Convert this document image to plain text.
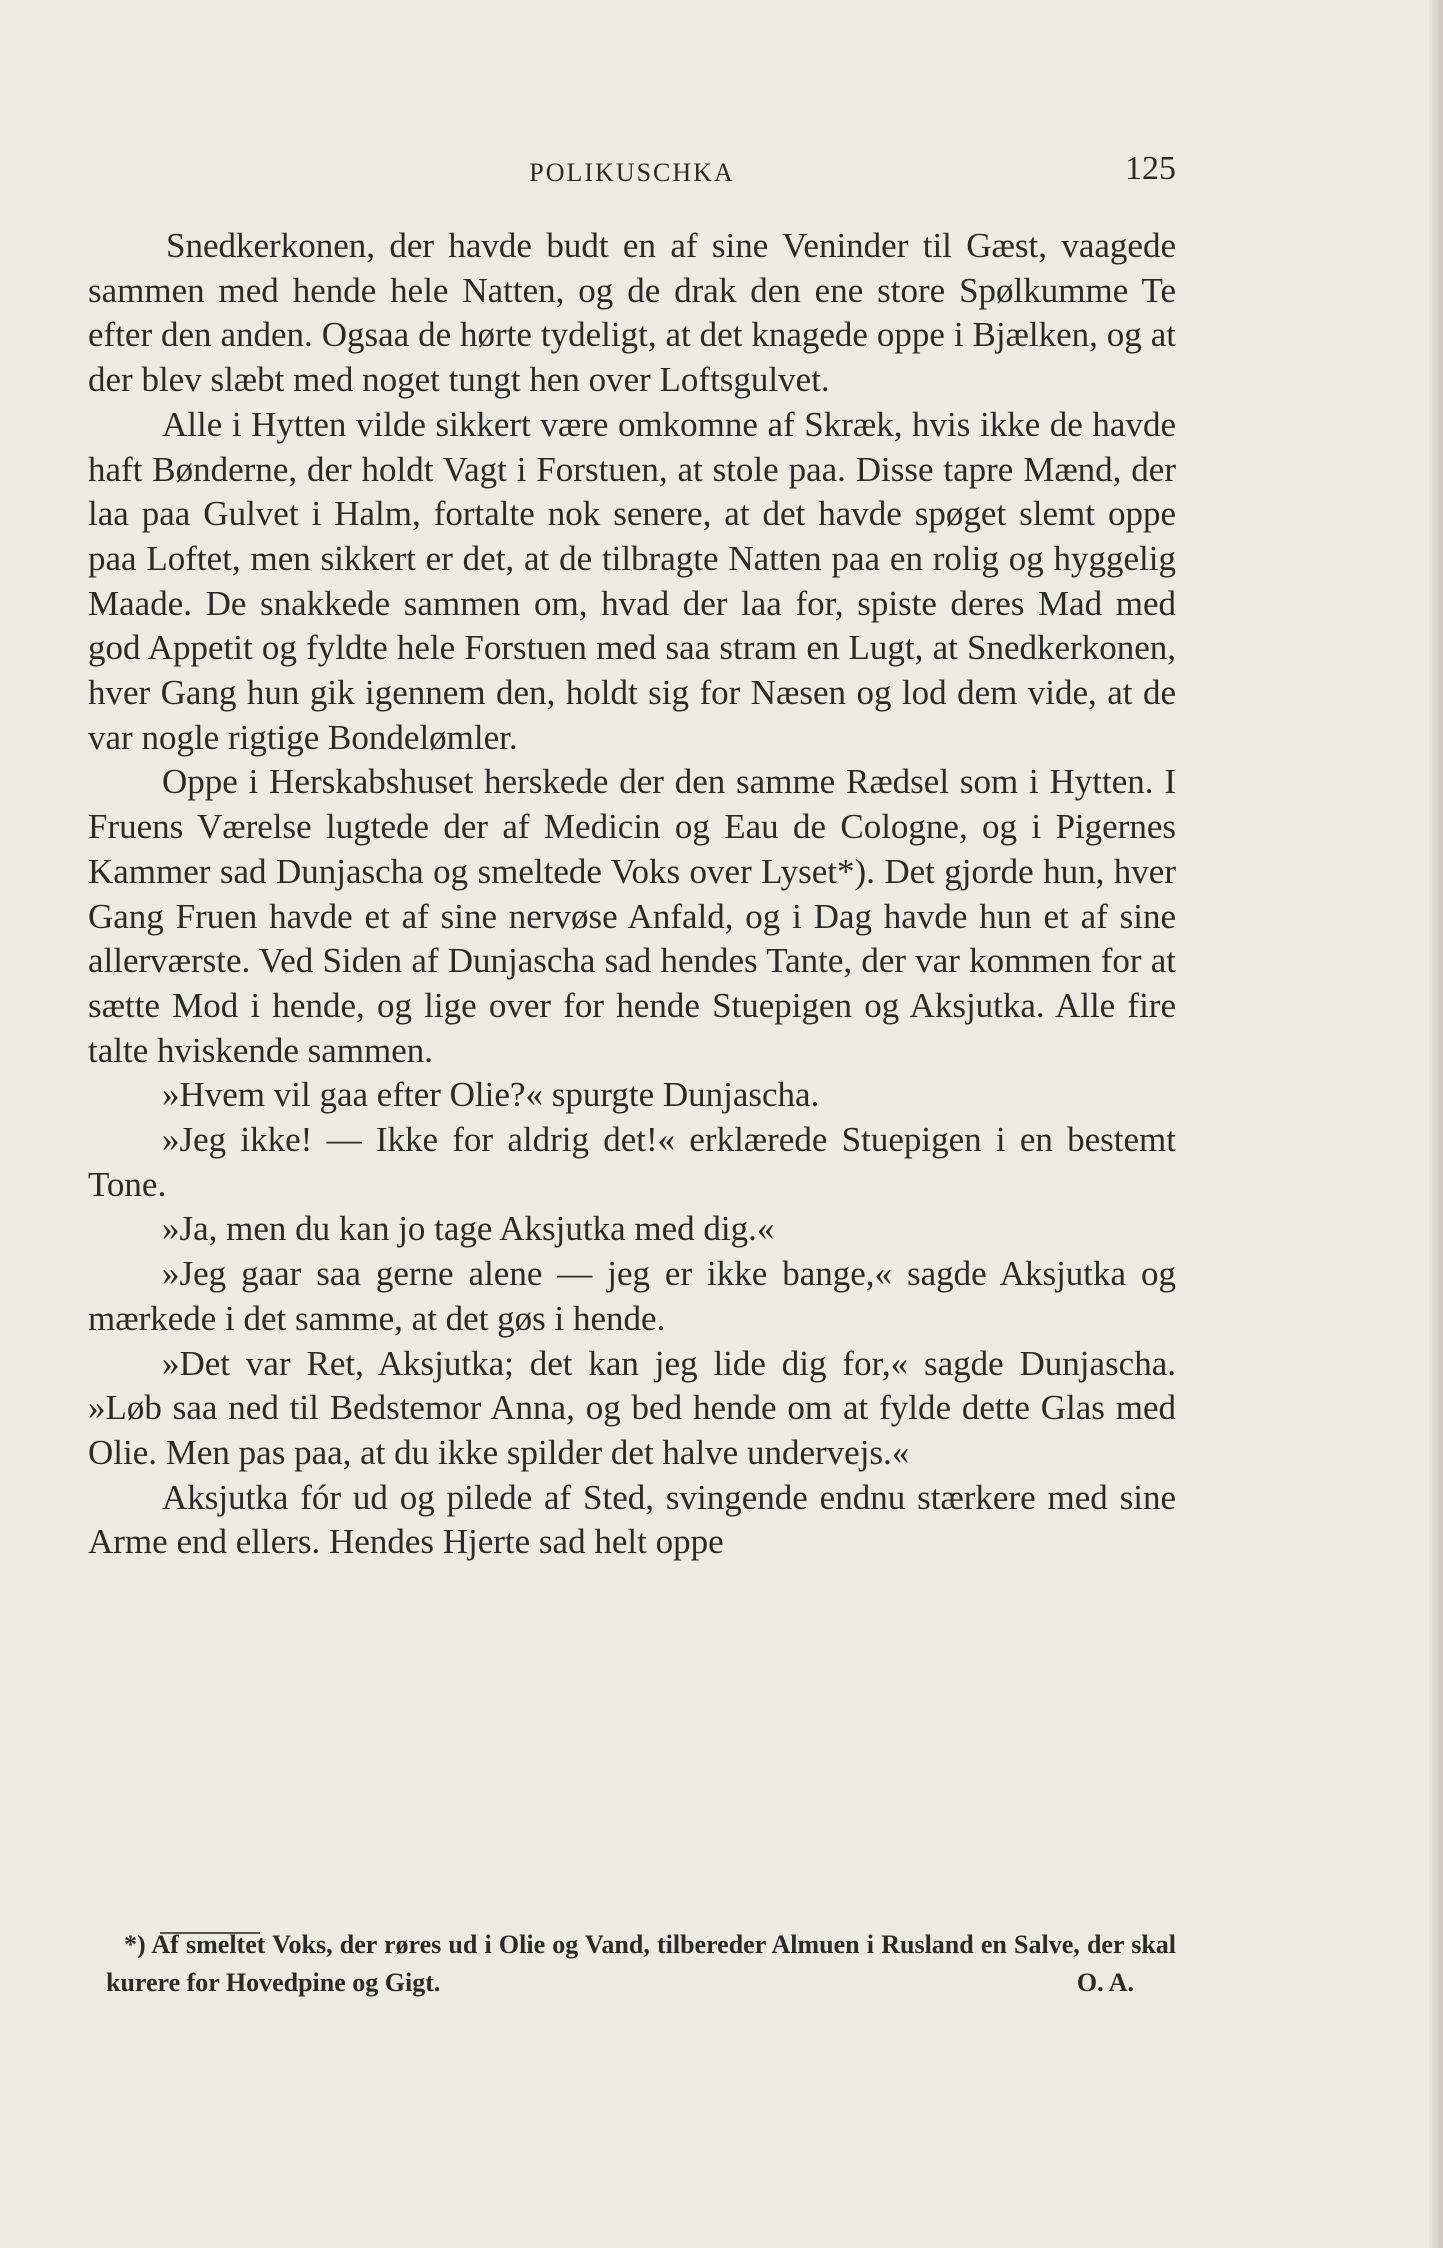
POLIKUSCHKA	125

Snedkerkonen, der havde budt en af sine Veninder til Gæst, vaagede sammen med hende hele Natten, og de drak den ene store Spølkumme Te efter den anden. Ogsaa de hørte tydeligt, at det knagede oppe i Bjælken, og at der blev slæbt med noget tungt hen over Loftsgulvet.

Alle i Hytten vilde sikkert være omkomne af Skræk, hvis ikke de havde haft Bønderne, der holdt Vagt i Forstuen, at stole paa. Disse tapre Mænd, der laa paa Gulvet i Halm, fortalte nok senere, at det havde spøget slemt oppe paa Loftet, men sikkert er det, at de tilbragte Natten paa en rolig og hyggelig Maade. De snakkede sammen om, hvad der laa for, spiste deres Mad med god Appetit og fyldte hele Forstuen med saa stram en Lugt, at Snedkerkonen, hver Gang hun gik igennem den, holdt sig for Næsen og lod dem vide, at de var nogle rigtige Bondelømler.

Oppe i Herskabshuset herskede der den samme Rædsel som i Hytten. I Fruens Værelse lugtede der af Medicin og Eau de Cologne, og i Pigernes Kammer sad Dunjascha og smeltede Voks over Lyset*). Det gjorde hun, hver Gang Fruen havde et af sine nervøse Anfald, og i Dag havde hun et af sine allerværste. Ved Siden af Dunjascha sad hendes Tante, der var kommen for at sætte Mod i hende, og lige over for hende Stuepigen og Aksjutka. Alle fire talte hviskende sammen.

»Hvem vil gaa efter Olie?« spurgte Dunjascha.

»Jeg ikke! — Ikke for aldrig det!« erklærede Stuepigen i en bestemt Tone.

»Ja, men du kan jo tage Aksjutka med dig.«

»Jeg gaar saa gerne alene — jeg er ikke bange,« sagde Aksjutka og mærkede i det samme, at det gøs i hende.

»Det var Ret, Aksjutka; det kan jeg lide dig for,« sagde Dunjascha. »Løb saa ned til Bedstemor Anna, og bed hende om at fylde dette Glas med Olie. Men pas paa, at du ikke spilder det halve undervejs.«

Aksjutka fór ud og pilede af Sted, svingende endnu stærkere med sine Arme end ellers. Hendes Hjerte sad helt oppe

*) Af smeltet Voks, der røres ud i Olie og Vand, tilbereder Almuen i Rusland en Salve, der skal kurere for Hovedpine og Gigt.	O. A.
